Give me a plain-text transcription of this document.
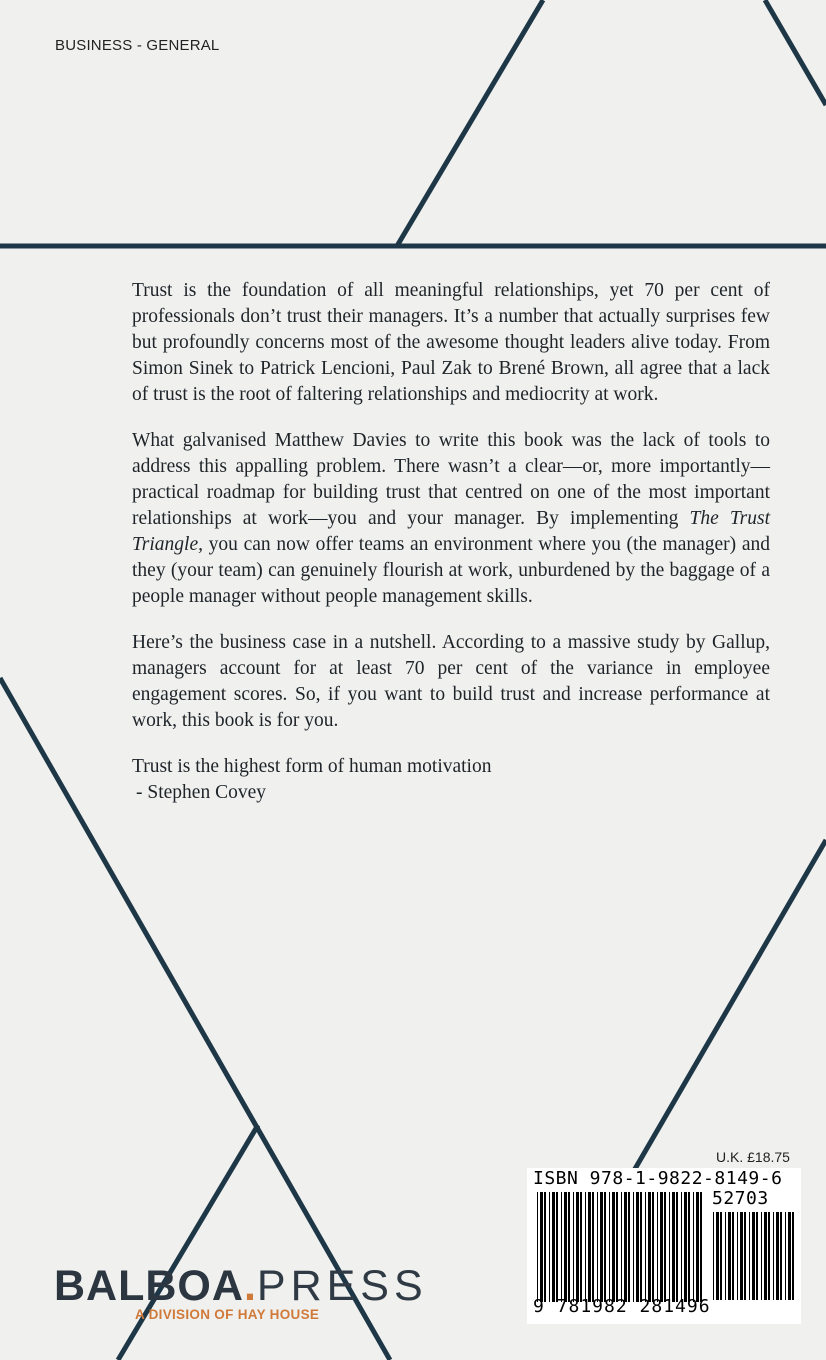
BUSINESS - GENERAL

Trust is the foundation of all meaningful relationships, yet 70 per cent of professionals don’t trust their managers. It’s a number that actually surprises few but profoundly concerns most of the awesome thought leaders alive today. From Simon Sinek to Patrick Lencioni, Paul Zak to Brené Brown, all agree that a lack of trust is the root of faltering relationships and mediocrity at work.

What galvanised Matthew Davies to write this book was the lack of tools to address this appalling problem. There wasn’t a clear—or, more importantly—practical roadmap for building trust that centred on one of the most important relationships at work—you and your manager. By implementing The Trust Triangle, you can now offer teams an environment where you (the manager) and they (your team) can genuinely flourish at work, unburdened by the baggage of a people manager without people management skills.

Here’s the business case in a nutshell. According to a massive study by Gallup, managers account for at least 70 per cent of the variance in employee engagement scores. So, if you want to build trust and increase performance at work, this book is for you.

Trust is the highest form of human motivation

- Stephen Covey

U.K. £18.75
ISBN 978-1-9822-8149-6
52703
9 781982 281496
BALBOA.PRESS
A DIVISION OF HAY HOUSE
